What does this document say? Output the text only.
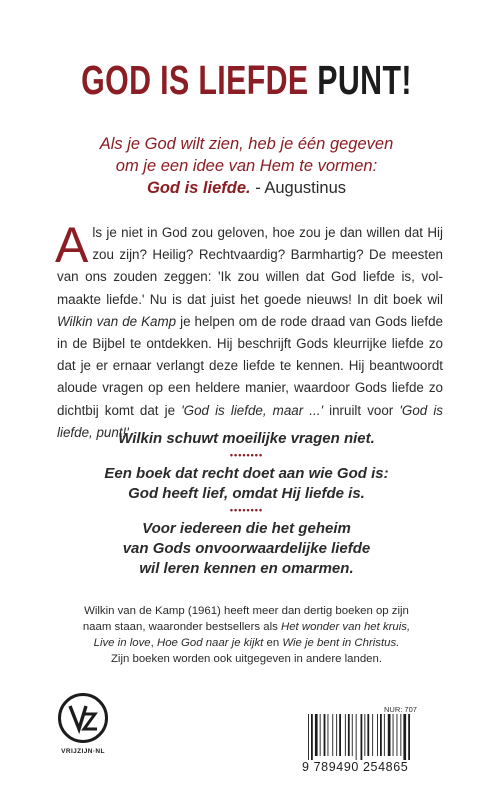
GOD IS LIEFDE PUNT!
Als je God wilt zien, heb je één gegeven
om je een idee van Hem te vormen:
God is liefde. - Augustinus
A ls je niet in God zou geloven, hoe zou je dan willen dat Hij
zou zijn? Heilig? Rechtvaardig? Barmhartig? De meesten
van ons zouden zeggen: 'Ik zou willen dat God liefde is, vol-
maakte liefde.' Nu is dat juist het goede nieuws! In dit boek wil
Wilkin van de Kamp je helpen om de rode draad van Gods liefde
in de Bijbel te ontdekken. Hij beschrijft Gods kleurrijke liefde zo
dat je er ernaar verlangt deze liefde te kennen. Hij beantwoordt
aloude vragen op een heldere manier, waardoor Gods liefde zo
dichtbij komt dat je 'God is liefde, maar ...' inruilt voor 'God is
liefde, punt!'
Wilkin schuwt moeilijke vragen niet.
••••••••
Een boek dat recht doet aan wie God is:
God heeft lief, omdat Hij liefde is.
••••••••
Voor iedereen die het geheim
van Gods onvoorwaardelijke liefde
wil leren kennen en omarmen.
Wilkin van de Kamp (1961) heeft meer dan dertig boeken op zijn
naam staan, waaronder bestsellers als Het wonder van het kruis,
Live in love, Hoe God naar je kijkt en Wie je bent in Christus.
Zijn boeken worden ook uitgegeven in andere landen.
VRIJZIJN·NL
NUR: 707
9 789490 254865
